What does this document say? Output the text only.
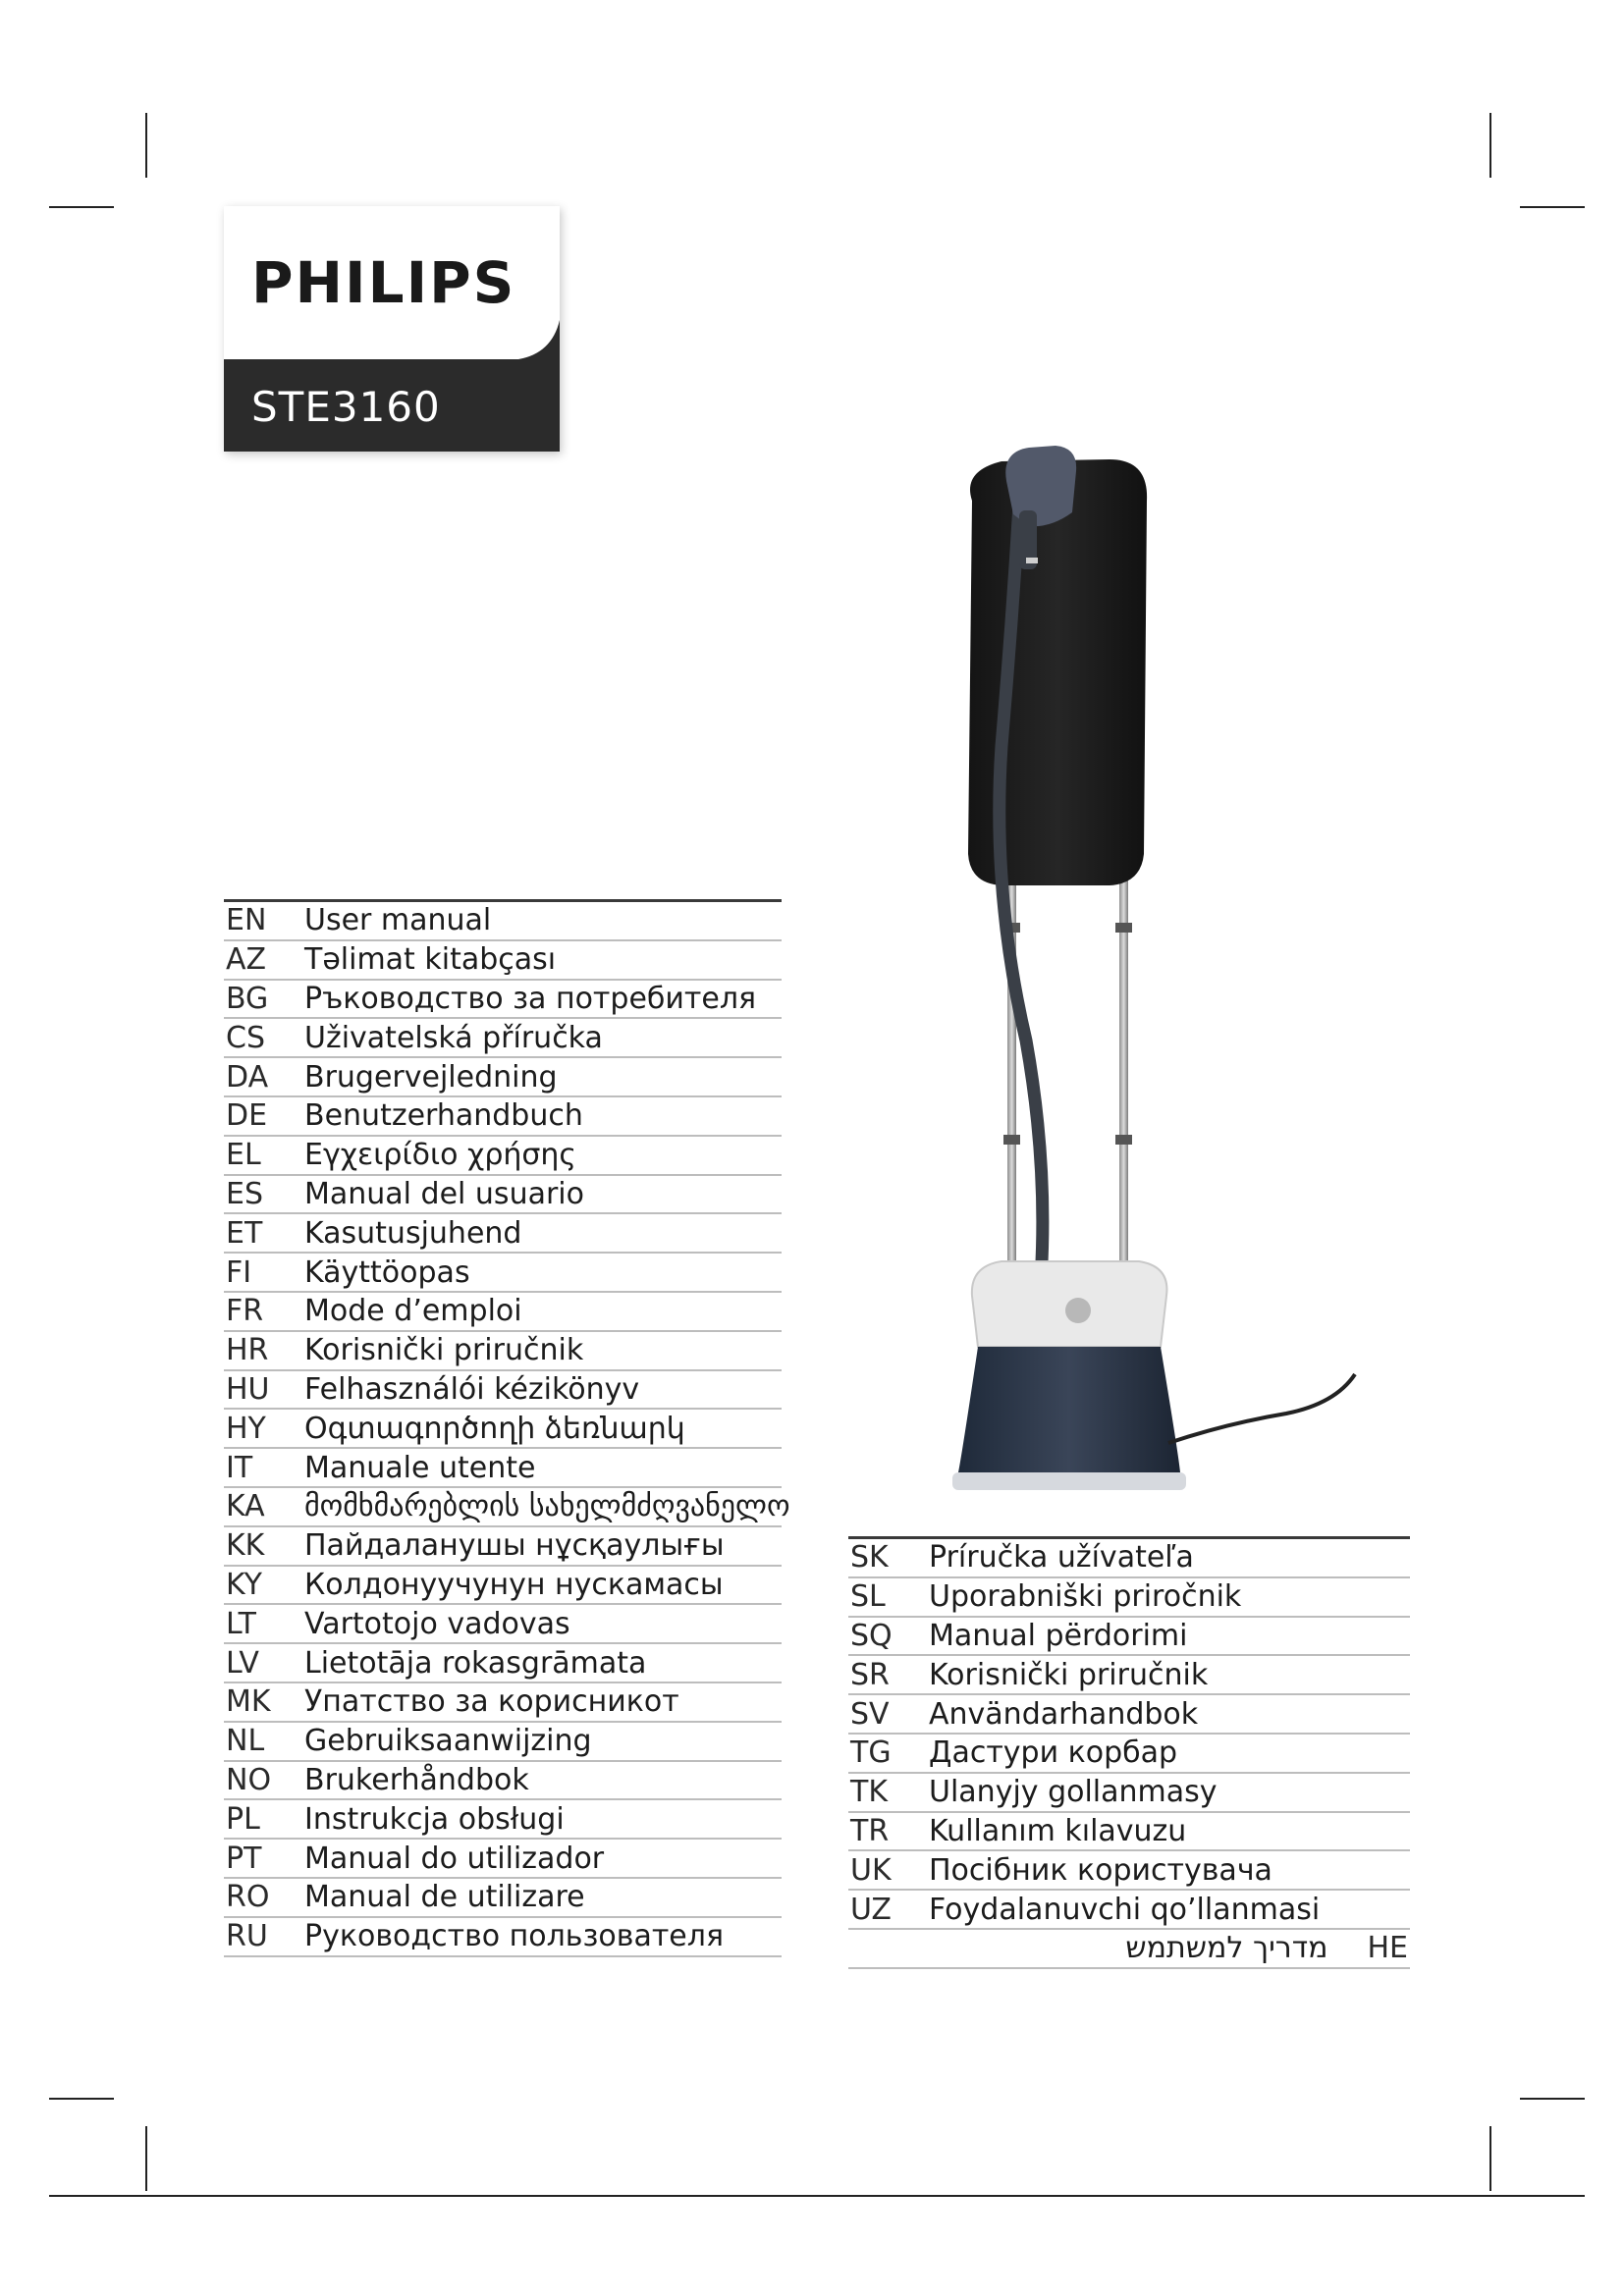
PHILIPS
STE3160
EN	User manual
AZ	Təlimat kitabçası
BG	Ръководство за потребителя
CS	Uživatelská příručka
DA	Brugervejledning
DE	Benutzerhandbuch
EL	Εγχειρίδιο χρήσης
ES	Manual del usuario
ET	Kasutusjuhend
FI	Käyttöopas
FR	Mode d’emploi
HR	Korisnički priručnik
HU	Felhasználói kézikönyv
HY	Օգտագործողի ձեռնարկ
IT	Manuale utente
KA	მომხმარებლის სახელმძღვანელო
KK	Пайдаланушы нұсқаулығы
KY	Колдонуучунун нускамасы
LT	Vartotojo vadovas
LV	Lietotāja rokasgrāmata
MK	Упатство за корисникот
NL	Gebruiksaanwijzing
NO	Brukerhåndbok
PL	Instrukcja obsługi
PT	Manual do utilizador
RO	Manual de utilizare
RU	Руководство пользователя
SK	Príručka užívateľa
SL	Uporabniški priročnik
SQ	Manual përdorimi
SR	Korisnički priručnik
SV	Användarhandbok
TG	Дастури корбар
TK	Ulanyjy gollanmasy
TR	Kullanım kılavuzu
UK	Посібник користувача
UZ	Foydalanuvchi qo’llanmasi
מדריך למשתמש HE
